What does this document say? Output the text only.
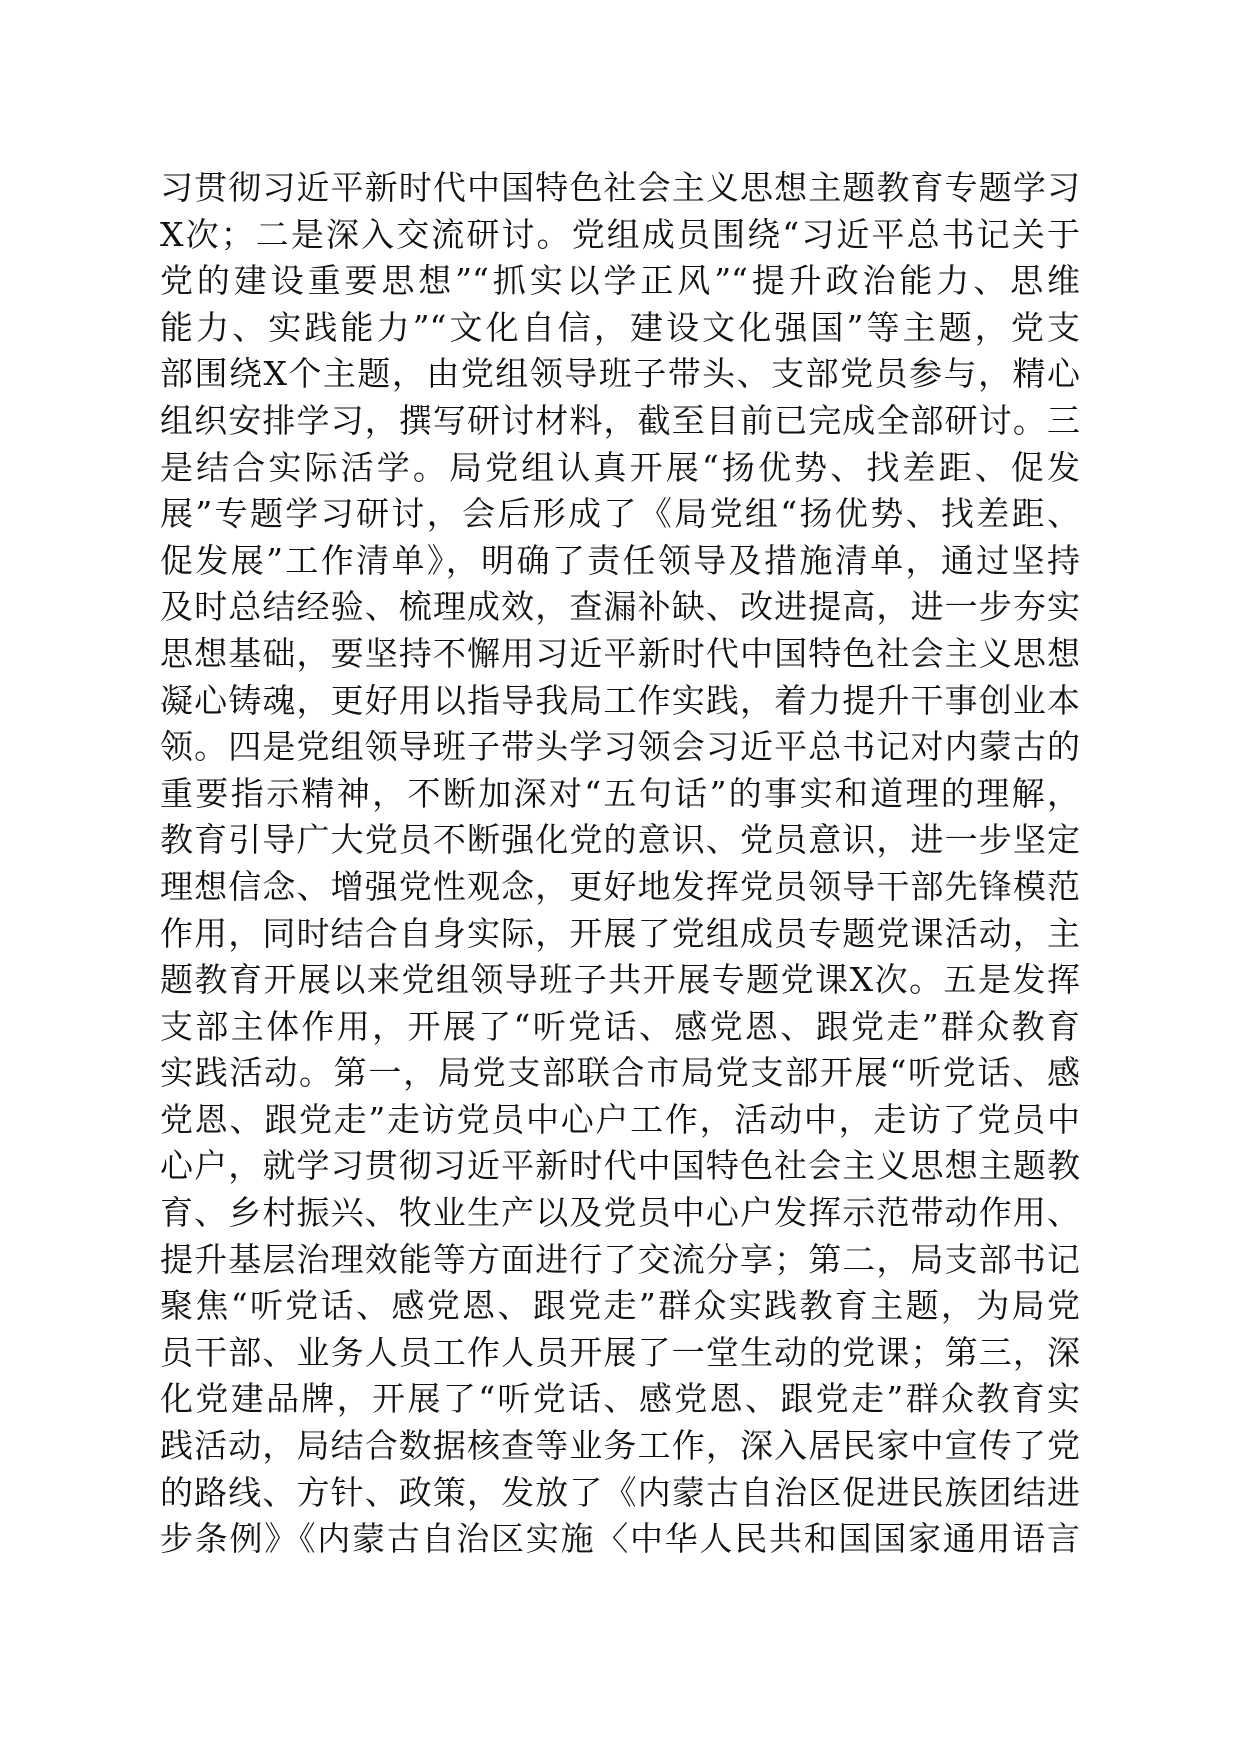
习贯彻习近平新时代中国特色社会主义思想主题教育专题学习
X次；二是深入交流研讨。党组成员围绕“习近平总书记关于
党的建设重要思想”“抓实以学正风”“提升政治能力、思维
能力、实践能力”“文化自信，建设文化强国”等主题，党支
部围绕X个主题，由党组领导班子带头、支部党员参与，精心
组织安排学习，撰写研讨材料，截至目前已完成全部研讨。三
是结合实际活学。局党组认真开展“扬优势、找差距、促发
展”专题学习研讨，会后形成了《局党组“扬优势、找差距、
促发展”工作清单》，明确了责任领导及措施清单，通过坚持
及时总结经验、梳理成效，查漏补缺、改进提高，进一步夯实
思想基础，要坚持不懈用习近平新时代中国特色社会主义思想
凝心铸魂，更好用以指导我局工作实践，着力提升干事创业本
领。四是党组领导班子带头学习领会习近平总书记对内蒙古的
重要指示精神，不断加深对“五句话”的事实和道理的理解，
教育引导广大党员不断强化党的意识、党员意识，进一步坚定
理想信念、增强党性观念，更好地发挥党员领导干部先锋模范
作用，同时结合自身实际，开展了党组成员专题党课活动，主
题教育开展以来党组领导班子共开展专题党课X次。五是发挥
支部主体作用，开展了“听党话、感党恩、跟党走”群众教育
实践活动。第一，局党支部联合市局党支部开展“听党话、感
党恩、跟党走”走访党员中心户工作，活动中，走访了党员中
心户，就学习贯彻习近平新时代中国特色社会主义思想主题教
育、乡村振兴、牧业生产以及党员中心户发挥示范带动作用、
提升基层治理效能等方面进行了交流分享；第二，局支部书记
聚焦“听党话、感党恩、跟党走”群众实践教育主题，为局党
员干部、业务人员工作人员开展了一堂生动的党课；第三，深
化党建品牌，开展了“听党话、感党恩、跟党走”群众教育实
践活动，局结合数据核查等业务工作，深入居民家中宣传了党
的路线、方针、政策，发放了《内蒙古自治区促进民族团结进
步条例》《内蒙古自治区实施〈中华人民共和国国家通用语言
